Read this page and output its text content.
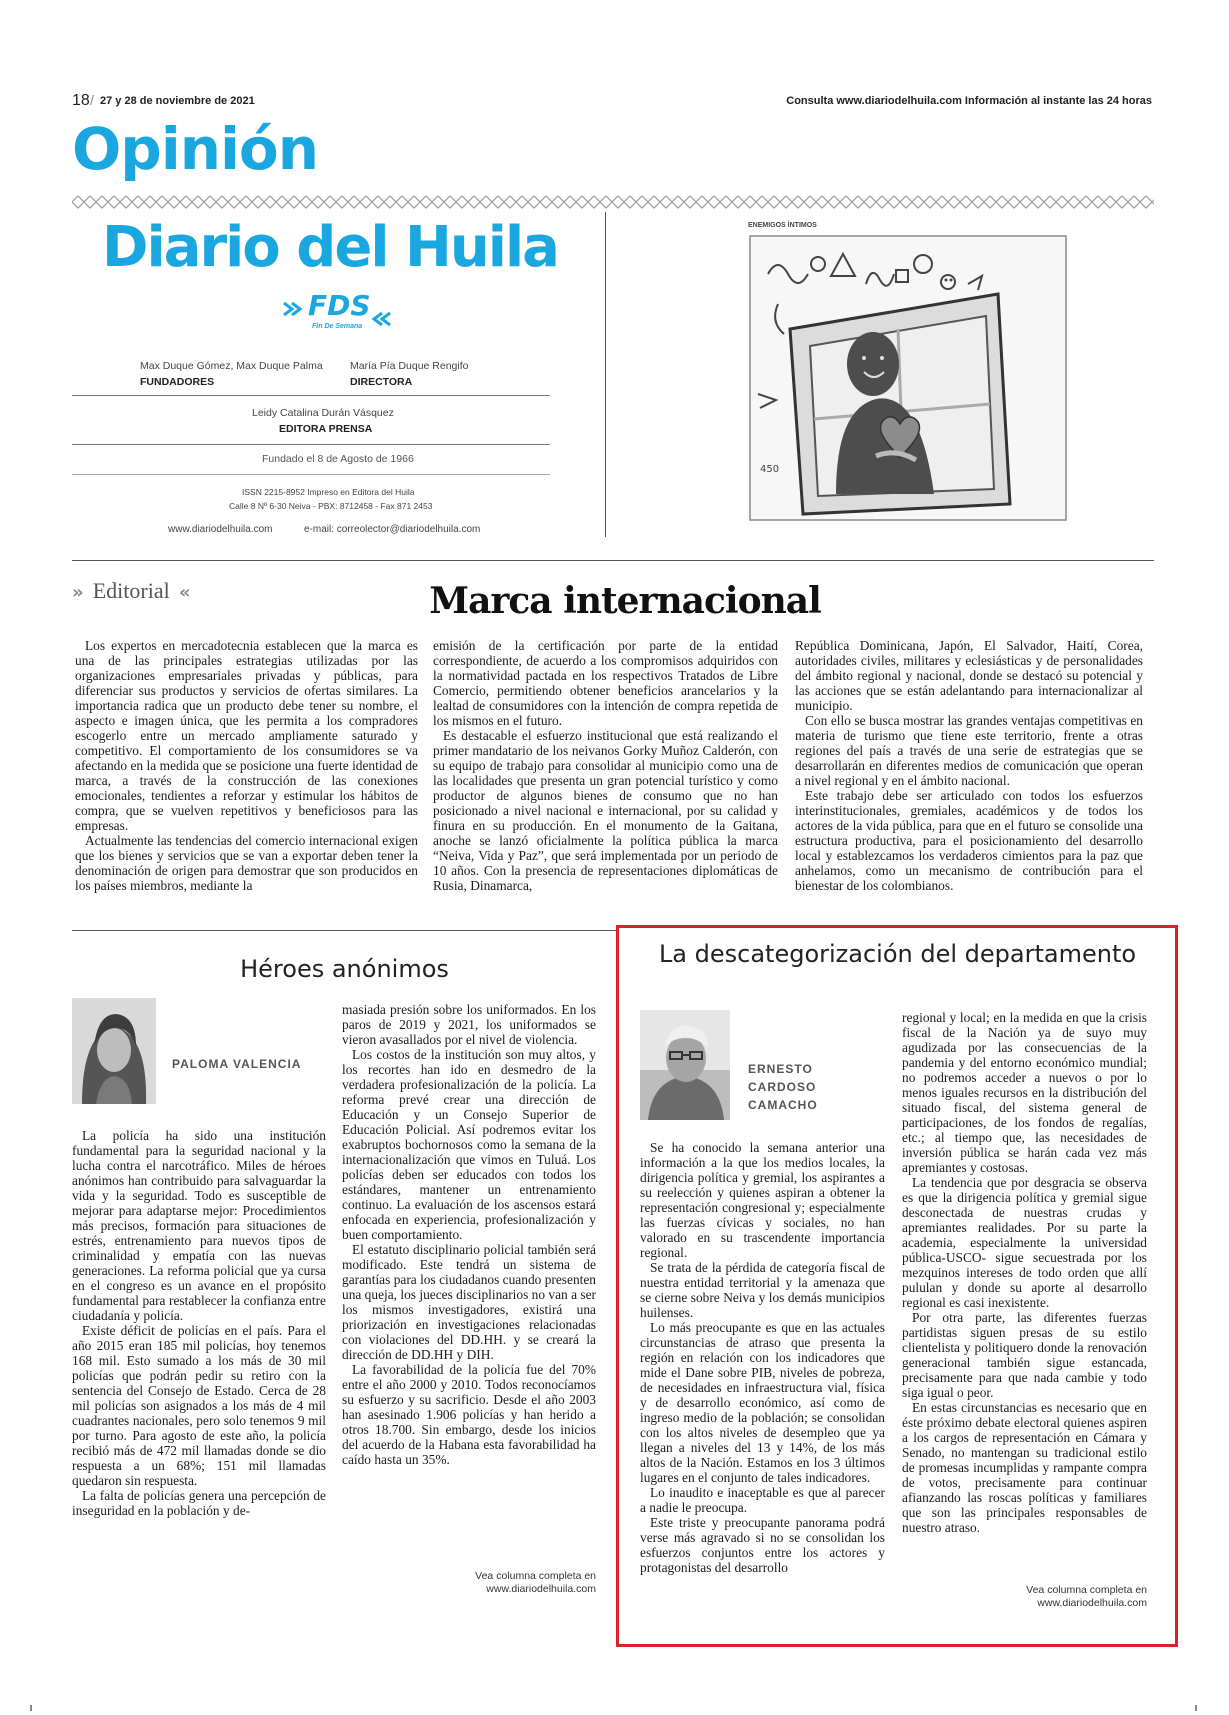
18 / 27 y 28 de noviembre de 2021	Consulta www.diariodelhuila.com Información al instante las 24 horas
Opinión
Diario del Huila
FDS
Fin De Semana
Max Duque Gómez, Max Duque Palma
FUNDADORES
María Pía Duque Rengifo
DIRECTORA
Leidy Catalina Durán Vásquez
EDITORA PRENSA
Fundado el 8 de Agosto de 1966
ISSN 2215-8952 Impreso en Editora del Huila
Calle 8 Nº 6-30 Neiva - PBX: 8712458 - Fax 871 2453
www.diariodelhuila.com	e-mail: correolector@diariodelhuila.com
ENEMIGOS ÍNTIMOS
450
» Editorial «	Marca internacional

Los expertos en mercadotecnia establecen que la marca es una de las principales estrategias utilizadas por las organizaciones empresariales privadas y públicas, para diferenciar sus productos y servicios de ofertas similares. La importancia radica que un producto debe tener su nombre, el aspecto e imagen única, que les permita a los compradores escogerlo entre un mercado ampliamente saturado y competitivo. El comportamiento de los consumidores se va afectando en la medida que se posicione una fuerte identidad de marca, a través de la construcción de las conexiones emocionales, tendientes a reforzar y estimular los hábitos de compra, que se vuelven repetitivos y beneficiosos para las empresas.

Actualmente las tendencias del comercio internacional exigen que los bienes y servicios que se van a exportar deben tener la denominación de origen para demostrar que son producidos en los países miembros, mediante la

emisión de la certificación por parte de la entidad correspondiente, de acuerdo a los compromisos adquiridos con la normatividad pactada en los respectivos Tratados de Libre Comercio, permitiendo obtener beneficios arancelarios y la lealtad de consumidores con la intención de compra repetida de los mismos en el futuro.

Es destacable el esfuerzo institucional que está realizando el primer mandatario de los neivanos Gorky Muñoz Calderón, con su equipo de trabajo para consolidar al municipio como una de las localidades que presenta un gran potencial turístico y como productor de algunos bienes de consumo que no han posicionado a nivel nacional e internacional, por su calidad y finura en su producción. En el monumento de la Gaitana, anoche se lanzó oficialmente la política pública la marca “Neiva, Vida y Paz”, que será implementada por un periodo de 10 años. Con la presencia de representaciones diplomáticas de Rusia, Dinamarca,

República Dominicana, Japón, El Salvador, Haití, Corea, autoridades civiles, militares y eclesiásticas y de personalidades del ámbito regional y nacional, donde se destacó su potencial y las acciones que se están adelantando para internacionalizar al municipio.

Con ello se busca mostrar las grandes ventajas competitivas en materia de turismo que tiene este territorio, frente a otras regiones del país a través de una serie de estrategias que se desarrollarán en diferentes medios de comunicación que operan a nivel regional y en el ámbito nacional.

Este trabajo debe ser articulado con todos los esfuerzos interinstitucionales, gremiales, académicos y de todos los actores de la vida pública, para que en el futuro se consolide una estructura productiva, para el posicionamiento del desarrollo local y establezcamos los verdaderos cimientos para la paz que anhelamos, como un mecanismo de contribución para el bienestar de los colombianos.

Héroes anónimos
PALOMA VALENCIA

La policía ha sido una institución fundamental para la seguridad nacional y la lucha contra el narcotráfico. Miles de héroes anónimos han contribuido para salvaguardar la vida y la seguridad. Todo es susceptible de mejorar para adaptarse mejor: Procedimientos más precisos, formación para situaciones de estrés, entrenamiento para nuevos tipos de criminalidad y empatía con las nuevas generaciones. La reforma policial que ya cursa en el congreso es un avance en el propósito fundamental para restablecer la confianza entre ciudadanía y policía.

Existe déficit de policías en el país. Para el año 2015 eran 185 mil policías, hoy tenemos 168 mil. Esto sumado a los más de 30 mil policías que podrán pedir su retiro con la sentencia del Consejo de Estado. Cerca de 28 mil policías son asignados a los más de 4 mil cuadrantes nacionales, pero solo tenemos 9 mil por turno. Para agosto de este año, la policía recibió más de 472 mil llamadas donde se dio respuesta a un 68%; 151 mil llamadas quedaron sin respuesta.

La falta de policías genera una percepción de inseguridad en la población y de-

masiada presión sobre los uniformados. En los paros de 2019 y 2021, los uniformados se vieron avasallados por el nivel de violencia.

Los costos de la institución son muy altos, y los recortes han ido en desmedro de la verdadera profesionalización de la policía. La reforma prevé crear una dirección de Educación y un Consejo Superior de Educación Policial. Así podremos evitar los exabruptos bochornosos como la semana de la internacionalización que vimos en Tuluá. Los policías deben ser educados con todos los estándares, mantener un entrenamiento continuo. La evaluación de los ascensos estará enfocada en experiencia, profesionalización y buen comportamiento.

El estatuto disciplinario policial también será modificado. Este tendrá un sistema de garantías para los ciudadanos cuando presenten una queja, los jueces disciplinarios no van a ser los mismos investigadores, existirá una priorización en investigaciones relacionadas con violaciones del DD.HH. y se creará la dirección de DD.HH y DIH.

La favorabilidad de la policía fue del 70% entre el año 2000 y 2010. Todos reconocíamos su esfuerzo y su sacrificio. Desde el año 2003 han asesinado 1.906 policías y han herido a otros 18.700. Sin embargo, desde los inicios del acuerdo de la Habana esta favorabilidad ha caído hasta un 35%.

Vea columna completa en
www.diariodelhuila.com
La descategorización del departamento
ERNESTO
CARDOSO
CAMACHO

Se ha conocido la semana anterior una información a la que los medios locales, la dirigencia política y gremial, los aspirantes a su reelección y quienes aspiran a obtener la representación congresional y; especialmente las fuerzas cívicas y sociales, no han valorado en su trascendente importancia regional.

Se trata de la pérdida de categoría fiscal de nuestra entidad territorial y la amenaza que se cierne sobre Neiva y los demás municipios huilenses.

Lo más preocupante es que en las actuales circunstancias de atraso que presenta la región en relación con los indicadores que mide el Dane sobre PIB, niveles de pobreza, de necesidades en infraestructura vial, física y de desarrollo económico, así como de ingreso medio de la población; se consolidan con los altos niveles de desempleo que ya llegan a niveles del 13 y 14%, de los más altos de la Nación. Estamos en los 3 últimos lugares en el conjunto de tales indicadores.

Lo inaudito e inaceptable es que al parecer a nadie le preocupa.

Este triste y preocupante panorama podrá verse más agravado si no se consolidan los esfuerzos conjuntos entre los actores y protagonistas del desarrollo

regional y local; en la medida en que la crisis fiscal de la Nación ya de suyo muy agudizada por las consecuencias de la pandemia y del entorno económico mundial; no podremos acceder a nuevos o por lo menos iguales recursos en la distribución del situado fiscal, del sistema general de participaciones, de los fondos de regalías, etc.; al tiempo que, las necesidades de inversión pública se harán cada vez más apremiantes y costosas.

La tendencia que por desgracia se observa es que la dirigencia política y gremial sigue desconectada de nuestras crudas y apremiantes realidades. Por su parte la academia, especialmente la universidad pública-USCO- sigue secuestrada por los mezquinos intereses de todo orden que allí pululan y donde su aporte al desarrollo regional es casi inexistente.

Por otra parte, las diferentes fuerzas partidistas siguen presas de su estilo clientelista y politiquero donde la renovación generacional también sigue estancada, precisamente para que nada cambie y todo siga igual o peor.

En estas circunstancias es necesario que en éste próximo debate electoral quienes aspiren a los cargos de representación en Cámara y Senado, no mantengan su tradicional estilo de promesas incumplidas y rampante compra de votos, precisamente para continuar afianzando las roscas políticas y familiares que son las principales responsables de nuestro atraso.

Vea columna completa en
www.diariodelhuila.com
